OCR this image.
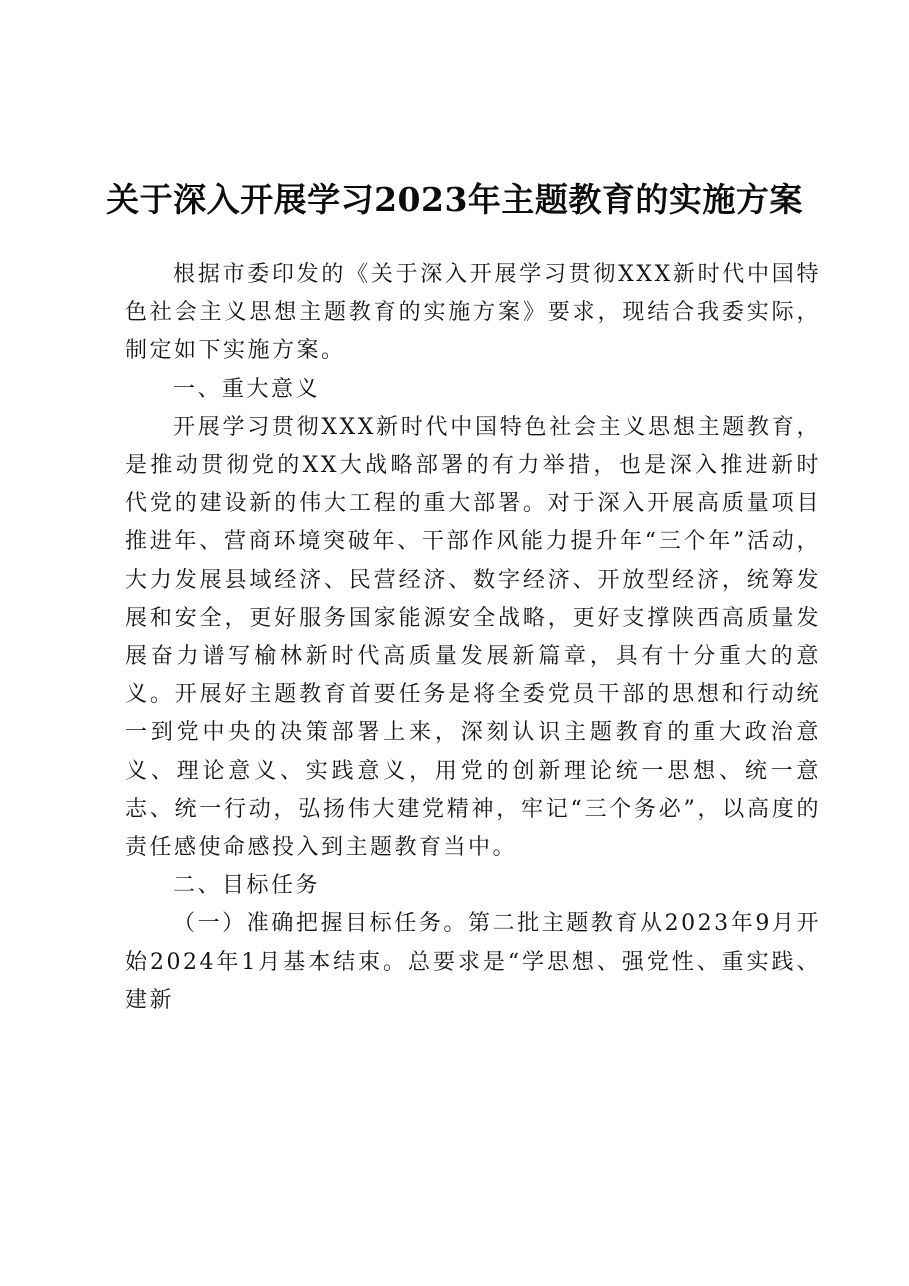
关于深入开展学习2023年主题教育的实施方案

根据市委印发的《关于深入开展学习贯彻XXX新时代中国特色社会主义思想主题教育的实施方案》要求，现结合我委实际，制定如下实施方案。

一、重大意义

开展学习贯彻XXX新时代中国特色社会主义思想主题教育，是推动贯彻党的XX大战略部署的有力举措，也是深入推进新时代党的建设新的伟大工程的重大部署。对于深入开展高质量项目推进年、营商环境突破年、干部作风能力提升年“三个年”活动，大力发展县域经济、民营经济、数字经济、开放型经济，统筹发展和安全，更好服务国家能源安全战略，更好支撑陕西高质量发展奋力谱写榆林新时代高质量发展新篇章，具有十分重大的意义。开展好主题教育首要任务是将全委党员干部的思想和行动统一到党中央的决策部署上来，深刻认识主题教育的重大政治意义、理论意义、实践意义，用党的创新理论统一思想、统一意志、统一行动，弘扬伟大建党精神，牢记“三个务必”，以高度的责任感使命感投入到主题教育当中。

二、目标任务

（一）准确把握目标任务。第二批主题教育从2023年9月开始2024年1月基本结束。总要求是“学思想、强党性、重实践、建新
